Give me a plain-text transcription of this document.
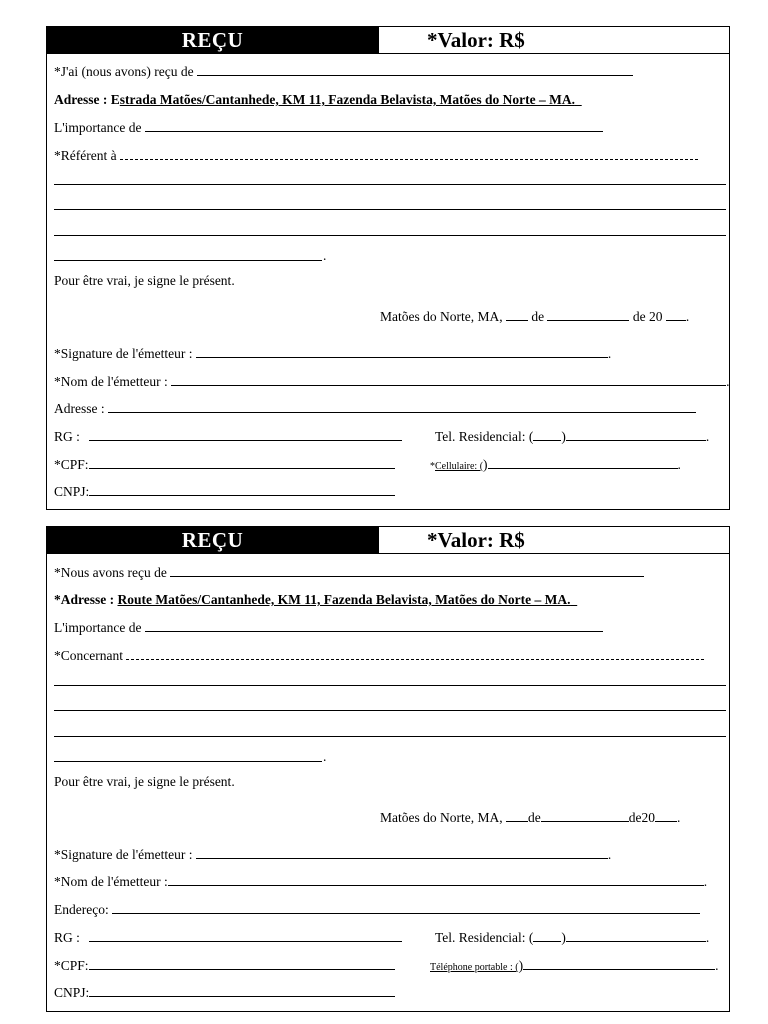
REÇU	*Valor: R$
*J'ai (nous avons) reçu de
Adresse : Estrada Matões/Cantanhede, KM 11, Fazenda Belavista, Matões do Norte – MA.
L'importance de
*Référent à
.
Pour être vrai, je signe le présent.
Matões do Norte, MA, de	de 20 .
*Signature de l'émetteur :	.
*Nom de l'émetteur :	.
Adresse :
RG :	Tel. Residencial: ( )	.
*CPF:	*Cellulaire: ()	.
CNPJ:
REÇU	*Valor: R$
*Nous avons reçu de
*Adresse : Route Matões/Cantanhede, KM 11, Fazenda Belavista, Matões do Norte – MA.
L'importance de
*Concernant
.
Pour être vrai, je signe le présent.
Matões do Norte, MA, de	de20 .
*Signature de l'émetteur :	.
*Nom de l'émetteur :	.
Endereço:
RG :	Tel. Residencial: ( )	.
*CPF:	Téléphone portable : ()	.
CNPJ:
